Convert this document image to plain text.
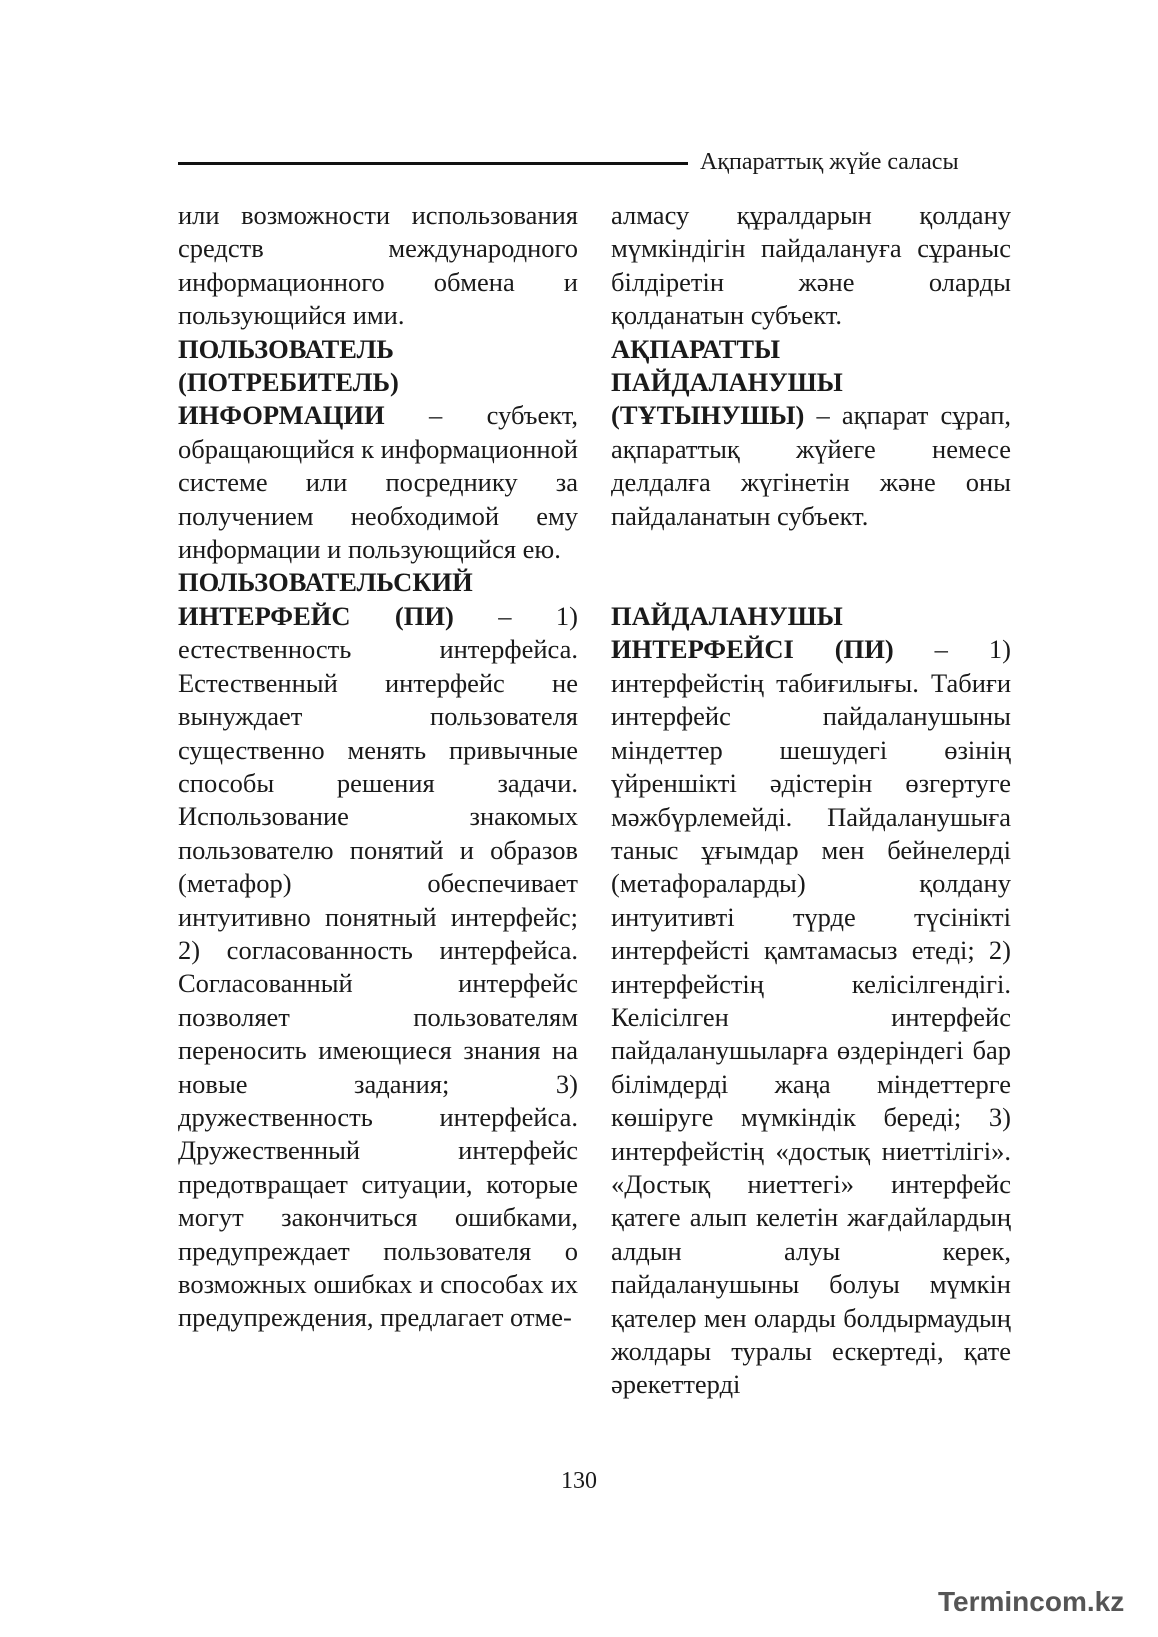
Ақпараттық жүйе саласы

или возможности использования средств международного информационного обмена и пользующийся ими.

ПОЛЬЗОВАТЕЛЬ (ПОТРЕБИТЕЛЬ) ИНФОРМАЦИИ – субъект, обращающийся к информационной системе или посреднику за получением необходимой ему информации и пользующийся ею.

ПОЛЬЗОВАТЕЛЬСКИЙ ИНТЕРФЕЙС (ПИ) – 1) естественность интерфейса. Естественный интерфейс не вынуждает пользователя существенно менять привычные способы решения задачи. Использование знакомых пользователю понятий и образов (метафор) обеспечивает интуитивно понятный интерфейс; 2) согласованность интерфейса. Согласованный интерфейс позволяет пользователям переносить имеющиеся знания на новые задания; 3) дружественность интерфейса. Дружественный интерфейс предотвращает ситуации, которые могут закончиться ошибками, предупреждает пользователя о возможных ошибках и способах их предупреждения, предлагает отме-

алмасу құралдарын қолдану мүмкіндігін пайдалануға сұраныс білдіретін және оларды қолданатын субъект.

АҚПАРАТТЫ ПАЙДАЛАНУШЫ (ТҰТЫНУШЫ) – ақпарат сұрап, ақпараттық жүйеге немесе делдалға жүгінетін және оны пайдаланатын субъект.

ПАЙДАЛАНУШЫ ИНТЕРФЕЙСІ (ПИ) – 1) интерфейстің табиғилығы. Табиғи интерфейс пайдаланушыны міндеттер шешудегі өзінің үйреншікті әдістерін өзгертуге мәжбүрлемейді. Пайдаланушыға таныс ұғымдар мен бейнелерді (метафораларды) қолдану интуитивті түрде түсінікті интерфейсті қамтамасыз етеді; 2) интерфейстің келісілгендігі. Келісілген интерфейс пайдаланушыларға өздеріндегі бар білімдерді жаңа міндеттерге көшіруге мүмкіндік береді; 3) интерфейстің «достық ниеттілігі». «Достық ниеттегі» интерфейс қатеге алып келетін жағдайлардың алдын алуы керек, пайдаланушыны болуы мүмкін қателер мен оларды болдырмаудың жолдары туралы ескертеді, қате әрекеттерді

130
Termincom.kz
